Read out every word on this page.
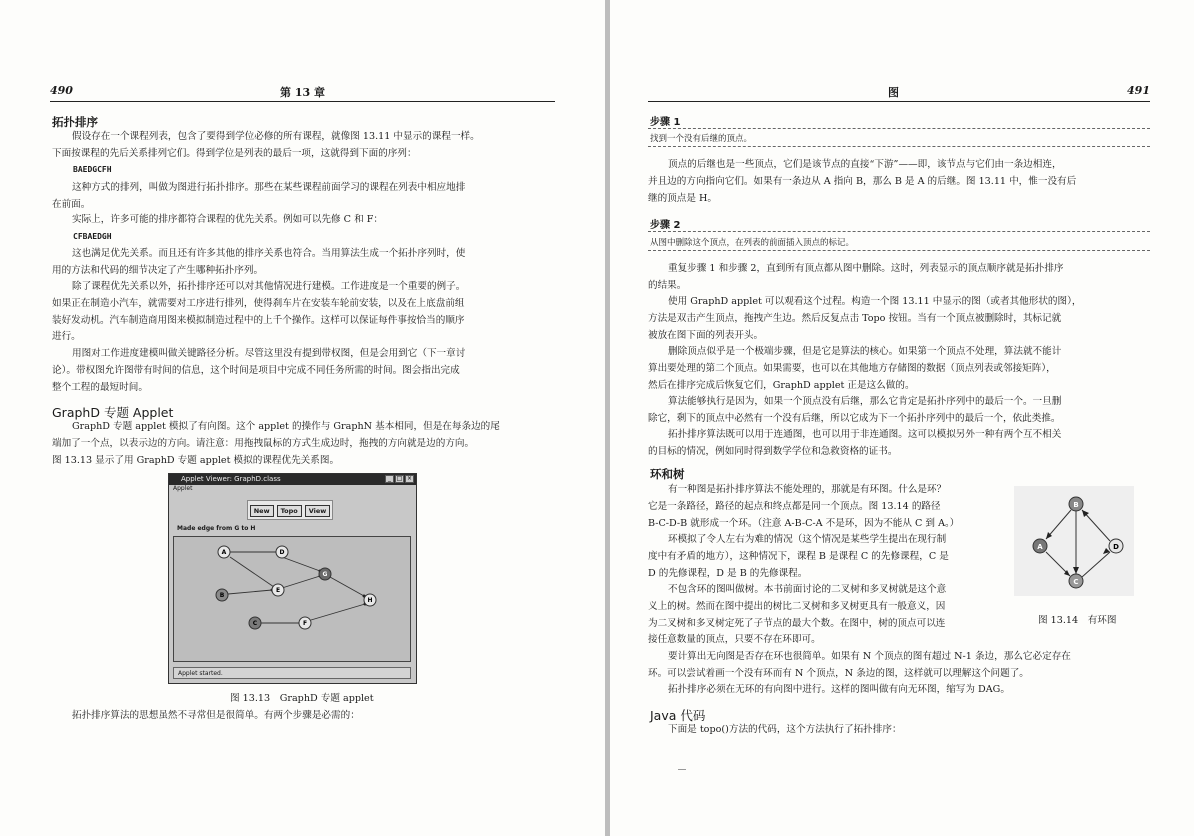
490	第 13 章
拓扑排序
假设存在一个课程列表，包含了要得到学位必修的所有课程，就像图 13.11 中显示的课程一样。
下面按课程的先后关系排列它们。得到学位是列表的最后一项，这就得到下面的序列：
BAEDGCFH
这种方式的排列，叫做为图进行拓扑排序。那些在某些课程前面学习的课程在列表中相应地排
在前面。
实际上，许多可能的排序都符合课程的优先关系。例如可以先修 C 和 F：
CFBAEDGH
这也满足优先关系。而且还有许多其他的排序关系也符合。当用算法生成一个拓扑序列时，使
用的方法和代码的细节决定了产生哪种拓扑序列。
除了课程优先关系以外，拓扑排序还可以对其他情况进行建模。工作进度是一个重要的例子。
如果正在制造小汽车，就需要对工序进行排列，使得刹车片在安装车轮前安装，以及在上底盘前组
装好发动机。汽车制造商用图来模拟制造过程中的上千个操作。这样可以保证每件事按恰当的顺序
进行。
用图对工作进度建模叫做关键路径分析。尽管这里没有提到带权图，但是会用到它（下一章讨
论）。带权图允许图带有时间的信息，这个时间是项目中完成不同任务所需的时间。图会指出完成
整个工程的最短时间。
GraphD 专题 Applet
GraphD 专题 applet 模拟了有向图。这个 applet 的操作与 GraphN 基本相同，但是在每条边的尾
端加了一个点，以表示边的方向。请注意：用拖拽鼠标的方式生成边时，拖拽的方向就是边的方向。
图 13.13 显示了用 GraphD 专题 applet 模拟的课程优先关系图。
Applet Viewer: GraphD.class	_ □ ×
Applet
New	Topo	View
Made edge from G to H
A	D
G
B
E
H
C	F
Applet started.
图 13.13　GraphD 专题 applet
拓扑排序算法的思想虽然不寻常但是很简单。有两个步骤是必需的：
图	491
步骤 1
找到一个没有后继的顶点。
顶点的后继也是一些顶点，它们是该节点的直接“下游”——即，该节点与它们由一条边相连，
并且边的方向指向它们。如果有一条边从 A 指向 B，那么 B 是 A 的后继。图 13.11 中，惟一没有后
继的顶点是 H。
步骤 2
从图中删除这个顶点，在列表的前面插入顶点的标记。
重复步骤 1 和步骤 2，直到所有顶点都从图中删除。这时，列表显示的顶点顺序就是拓扑排序
的结果。
使用 GraphD applet 可以观看这个过程。构造一个图 13.11 中显示的图（或者其他形状的图），
方法是双击产生顶点，拖拽产生边。然后反复点击 Topo 按钮。当有一个顶点被删除时，其标记就
被放在图下面的列表开头。
删除顶点似乎是一个极端步骤，但是它是算法的核心。如果第一个顶点不处理，算法就不能计
算出要处理的第二个顶点。如果需要，也可以在其他地方存储图的数据（顶点列表或邻接矩阵），
然后在排序完成后恢复它们，GraphD applet 正是这么做的。
算法能够执行是因为，如果一个顶点没有后继，那么它肯定是拓扑序列中的最后一个。一旦删
除它，剩下的顶点中必然有一个没有后继，所以它成为下一个拓扑序列中的最后一个，依此类推。
拓扑排序算法既可以用于连通图，也可以用于非连通图。这可以模拟另外一种有两个互不相关
的目标的情况，例如同时得到数学学位和急救资格的证书。
环和树
有一种图是拓扑排序算法不能处理的，那就是有环图。什么是环？
它是一条路径，路径的起点和终点都是同一个顶点。图 13.14 的路径
B-C-D-B 就形成一个环。（注意 A-B-C-A 不是环，因为不能从 C 到 A。）
环模拟了令人左右为难的情况（这个情况是某些学生提出在现行制
度中有矛盾的地方），这种情况下，课程 B 是课程 C 的先修课程，C 是
D 的先修课程，D 是 B 的先修课程。
不包含环的图叫做树。本书前面讨论的二叉树和多叉树就是这个意
义上的树。然而在图中提出的树比二叉树和多叉树更具有一般意义，因
为二叉树和多叉树定死了子节点的最大个数。在图中，树的顶点可以连
接任意数量的顶点，只要不存在环即可。
B
A	D
C
图 13.14　有环图
要计算出无向图是否存在环也很简单。如果有 N 个顶点的图有超过 N-1 条边，那么它必定存在
环。可以尝试着画一个没有环而有 N 个顶点，N 条边的图，这样就可以理解这个问题了。
拓扑排序必须在无环的有向图中进行。这样的图叫做有向无环图，缩写为 DAG。
Java 代码
下面是 topo()方法的代码，这个方法执行了拓扑排序：
